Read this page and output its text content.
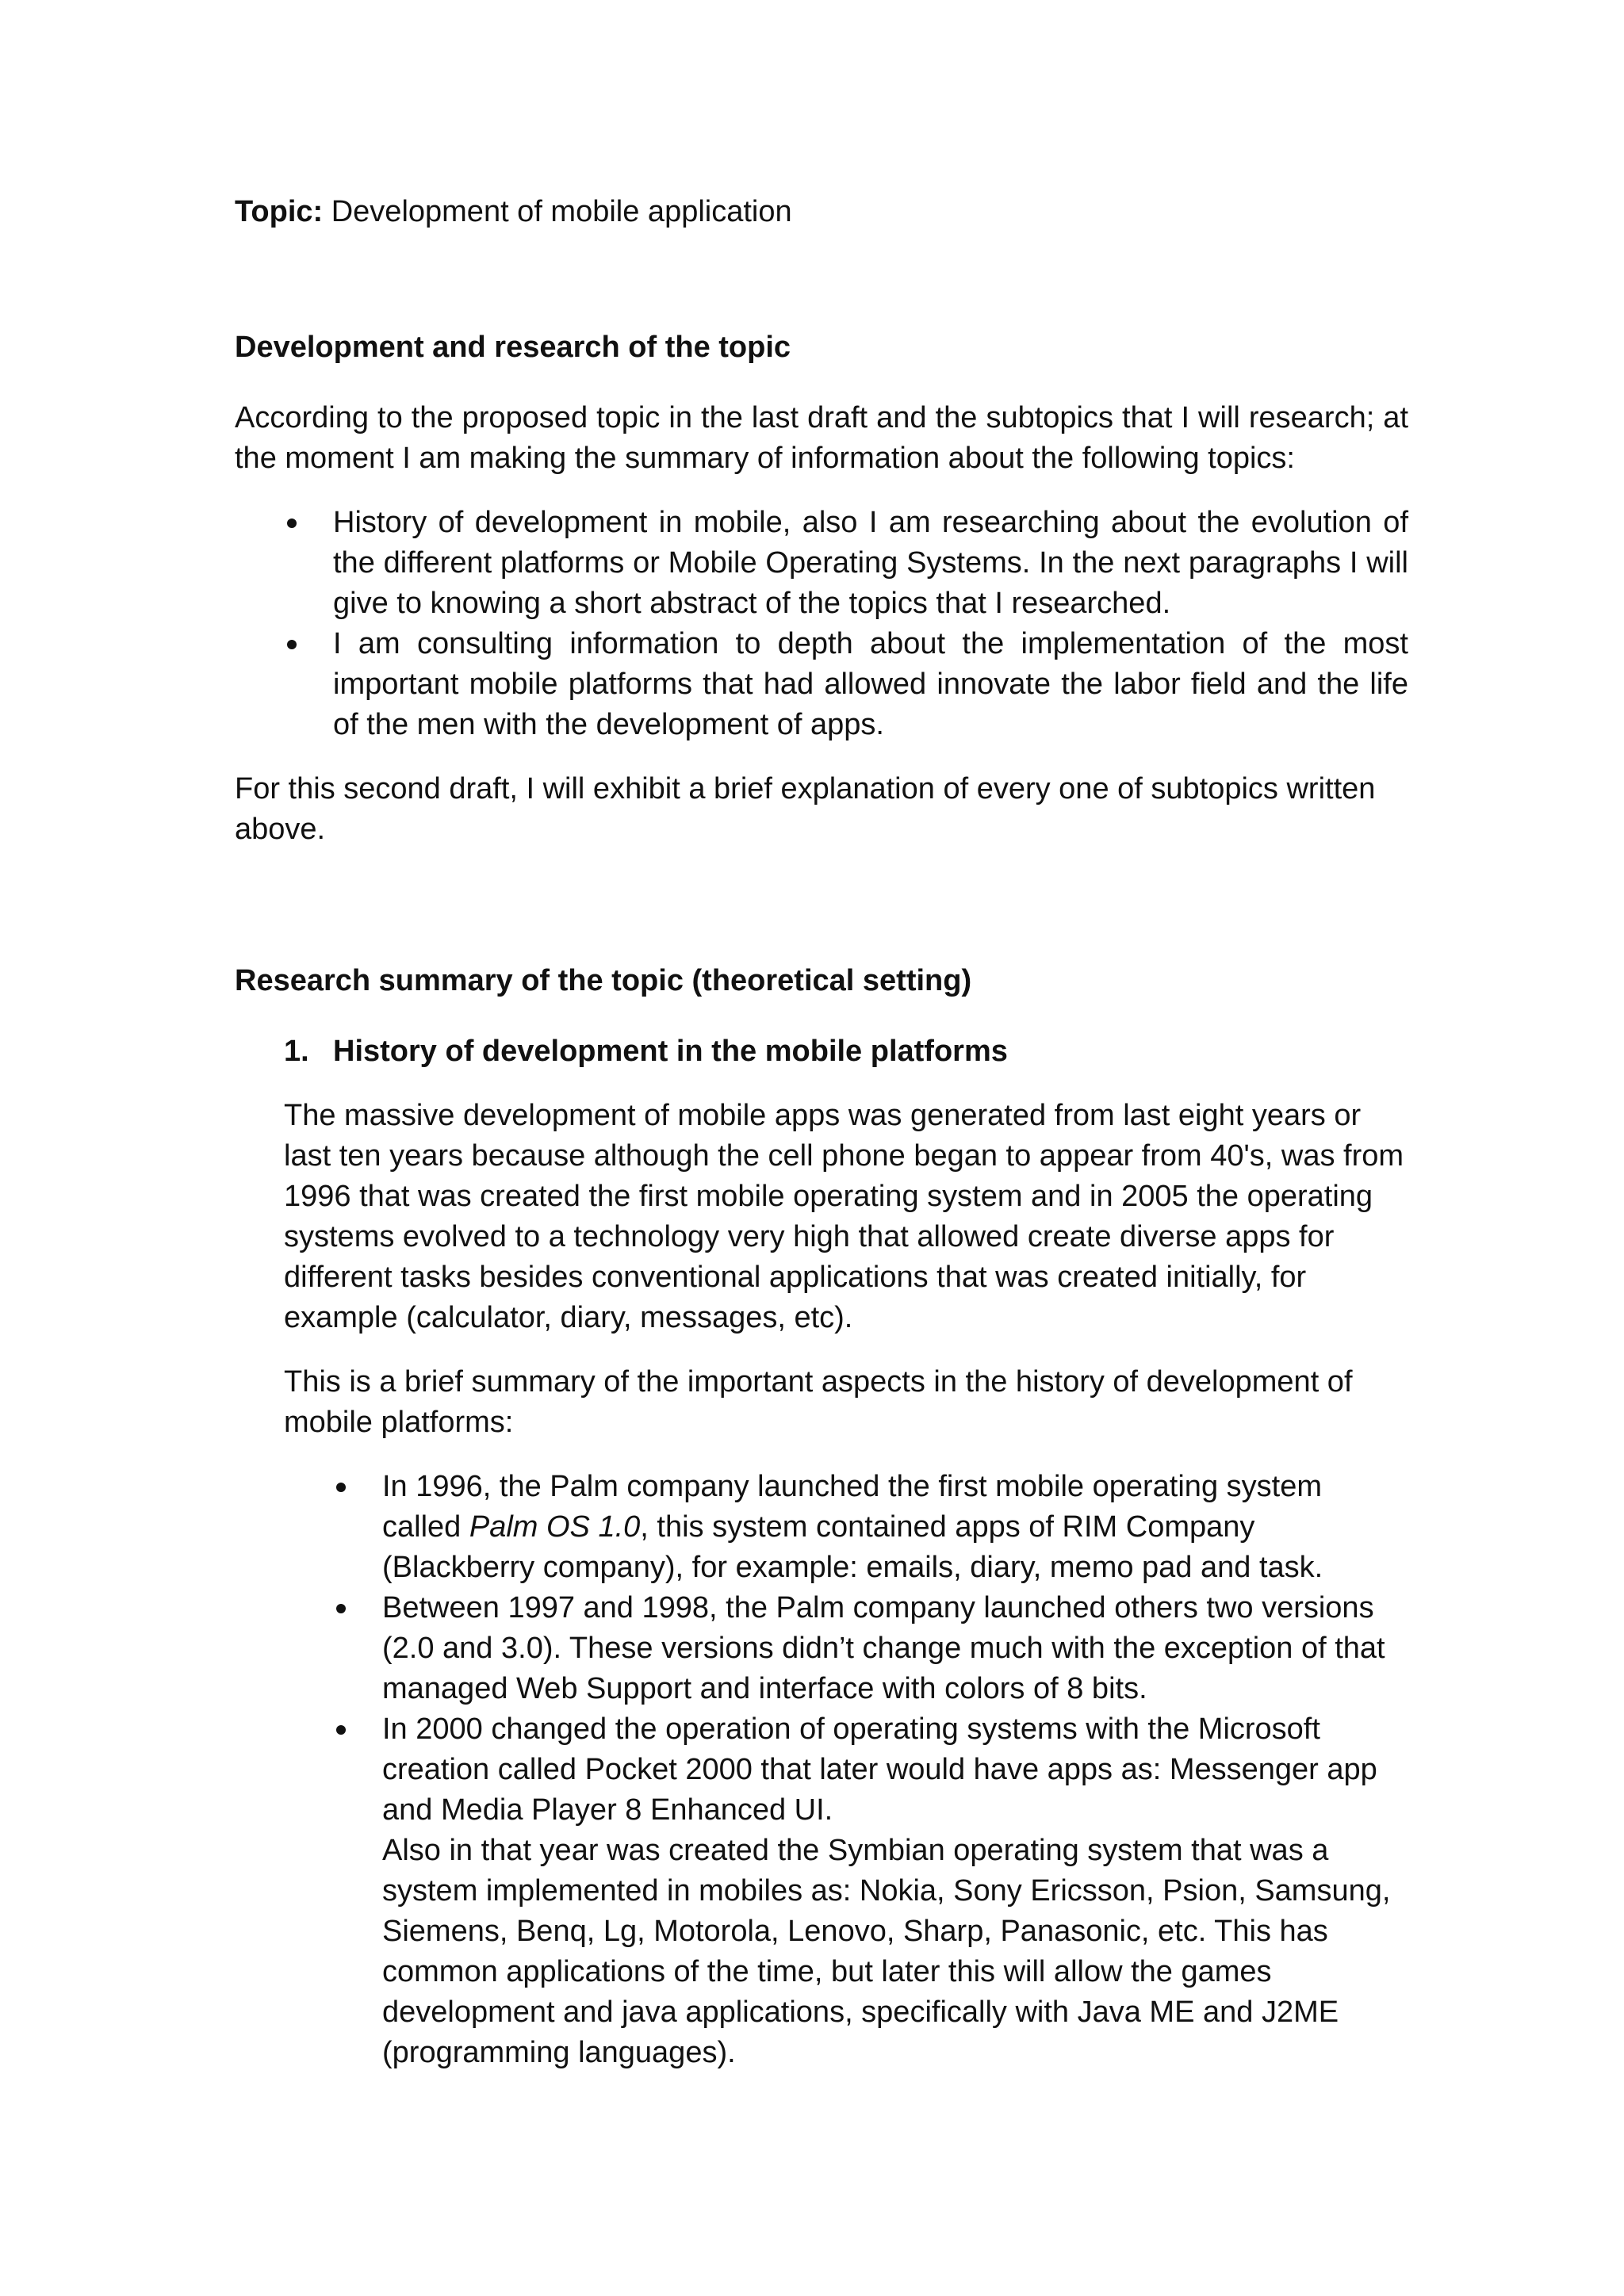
Topic: Development of mobile application

Development and research of the topic

According to the proposed topic in the last draft and the subtopics that I will research; at the moment I am making the summary of information about the following topics:

History of development in mobile, also I am researching about the evolution of the different platforms or Mobile Operating Systems. In the next paragraphs I will give to knowing a short abstract of the topics that I researched.
I am consulting information to depth about the implementation of the most important mobile platforms that had allowed innovate the labor field and the life of the men with the development of apps.

For this second draft, I will exhibit a brief explanation of every one of subtopics written above.

Research summary of the topic (theoretical setting)

1. History of development in the mobile platforms

The massive development of mobile apps was generated from last eight years or last ten years because although the cell phone began to appear from 40's, was from 1996 that was created the first mobile operating system and in 2005 the operating systems evolved to a technology very high that allowed create diverse apps for different tasks besides conventional applications that was created initially, for example (calculator, diary, messages, etc).

This is a brief summary of the important aspects in the history of development of mobile platforms:

In 1996, the Palm company launched the first mobile operating system called Palm OS 1.0, this system contained apps of RIM Company (Blackberry company), for example: emails, diary, memo pad and task.
Between 1997 and 1998, the Palm company launched others two versions (2.0 and 3.0). These versions didn’t change much with the exception of that managed Web Support and interface with colors of 8 bits.
In 2000 changed the operation of operating systems with the Microsoft creation called Pocket 2000 that later would have apps as: Messenger app and Media Player 8 Enhanced UI.
Also in that year was created the Symbian operating system that was a system implemented in mobiles as: Nokia, Sony Ericsson, Psion, Samsung, Siemens, Benq, Lg, Motorola, Lenovo, Sharp, Panasonic, etc. This has common applications of the time, but later this will allow the games development and java applications, specifically with Java ME and J2ME (programming languages).
